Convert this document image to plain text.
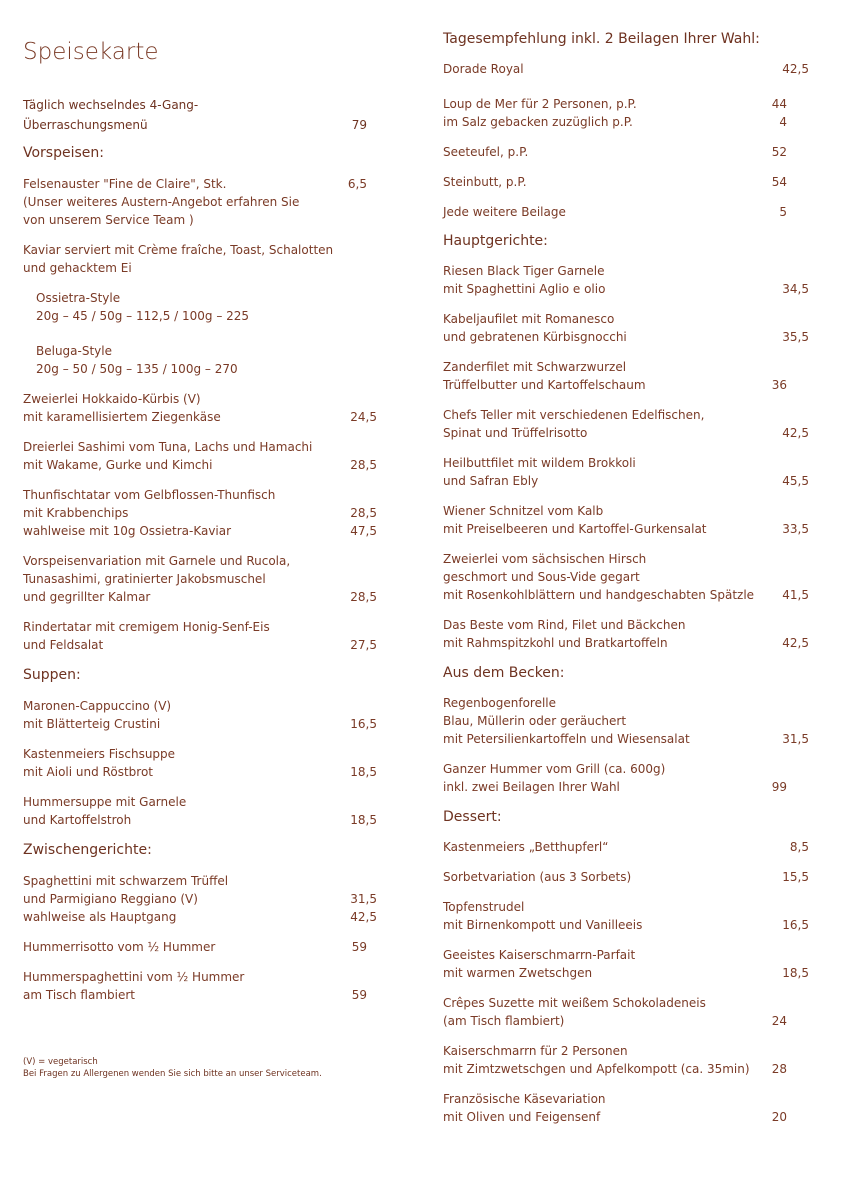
Speisekarte
Täglich wechselndes 4-Gang-
Überraschungsmenü	79
Vorspeisen:
Felsenauster "Fine de Claire", Stk.	6,5
(Unser weiteres Austern-Angebot erfahren Sie
von unserem Service Team )
Kaviar serviert mit Crème fraîche, Toast, Schalotten
und gehacktem Ei
Ossietra-Style
20g – 45 / 50g – 112,5 / 100g – 225
Beluga-Style
20g – 50 / 50g – 135 / 100g – 270
Zweierlei Hokkaido-Kürbis (V)
mit karamellisiertem Ziegenkäse	24,5
Dreierlei Sashimi vom Tuna, Lachs und Hamachi
mit Wakame, Gurke und Kimchi	28,5
Thunfischtatar vom Gelbflossen-Thunfisch
mit Krabbenchips	28,5
wahlweise mit 10g Ossietra-Kaviar	47,5
Vorspeisenvariation mit Garnele und Rucola,
Tunasashimi, gratinierter Jakobsmuschel
und gegrillter Kalmar	28,5
Rindertatar mit cremigem Honig-Senf-Eis
und Feldsalat	27,5
Suppen:
Maronen-Cappuccino (V)
mit Blätterteig Crustini	16,5
Kastenmeiers Fischsuppe
mit Aioli und Röstbrot	18,5
Hummersuppe mit Garnele
und Kartoffelstroh	18,5
Zwischengerichte:
Spaghettini mit schwarzem Trüffel
und Parmigiano Reggiano (V)	31,5
wahlweise als Hauptgang	42,5
Hummerrisotto vom ½ Hummer	59
Hummerspaghettini vom ½ Hummer
am Tisch flambiert	59
(V) = vegetarisch
Bei Fragen zu Allergenen wenden Sie sich bitte an unser Serviceteam.
Tagesempfehlung inkl. 2 Beilagen Ihrer Wahl:
Dorade Royal	42,5
Loup de Mer für 2 Personen, p.P.	44
im Salz gebacken zuzüglich p.P.	4
Seeteufel, p.P.	52
Steinbutt, p.P.	54
Jede weitere Beilage	5
Hauptgerichte:
Riesen Black Tiger Garnele
mit Spaghettini Aglio e olio	34,5
Kabeljaufilet mit Romanesco
und gebratenen Kürbisgnocchi	35,5
Zanderfilet mit Schwarzwurzel
Trüffelbutter und Kartoffelschaum	36
Chefs Teller mit verschiedenen Edelfischen,
Spinat und Trüffelrisotto	42,5
Heilbuttfilet mit wildem Brokkoli
und Safran Ebly	45,5
Wiener Schnitzel vom Kalb
mit Preiselbeeren und Kartoffel-Gurkensalat	33,5
Zweierlei vom sächsischen Hirsch
geschmort und Sous-Vide gegart
mit Rosenkohlblättern und handgeschabten Spätzle 41,5
Das Beste vom Rind, Filet und Bäckchen
mit Rahmspitzkohl und Bratkartoffeln	42,5
Aus dem Becken:
Regenbogenforelle
Blau, Müllerin oder geräuchert
mit Petersilienkartoffeln und Wiesensalat	31,5
Ganzer Hummer vom Grill (ca. 600g)
inkl. zwei Beilagen Ihrer Wahl	99
Dessert:
Kastenmeiers „Betthupferl“	8,5
Sorbetvariation (aus 3 Sorbets)	15,5
Topfenstrudel
mit Birnenkompott und Vanilleeis	16,5
Geeistes Kaiserschmarrn-Parfait
mit warmen Zwetschgen	18,5
Crêpes Suzette mit weißem Schokoladeneis
(am Tisch flambiert)	24
Kaiserschmarrn für 2 Personen
mit Zimtzwetschgen und Apfelkompott (ca. 35min) 28
Französische Käsevariation
mit Oliven und Feigensenf	20
